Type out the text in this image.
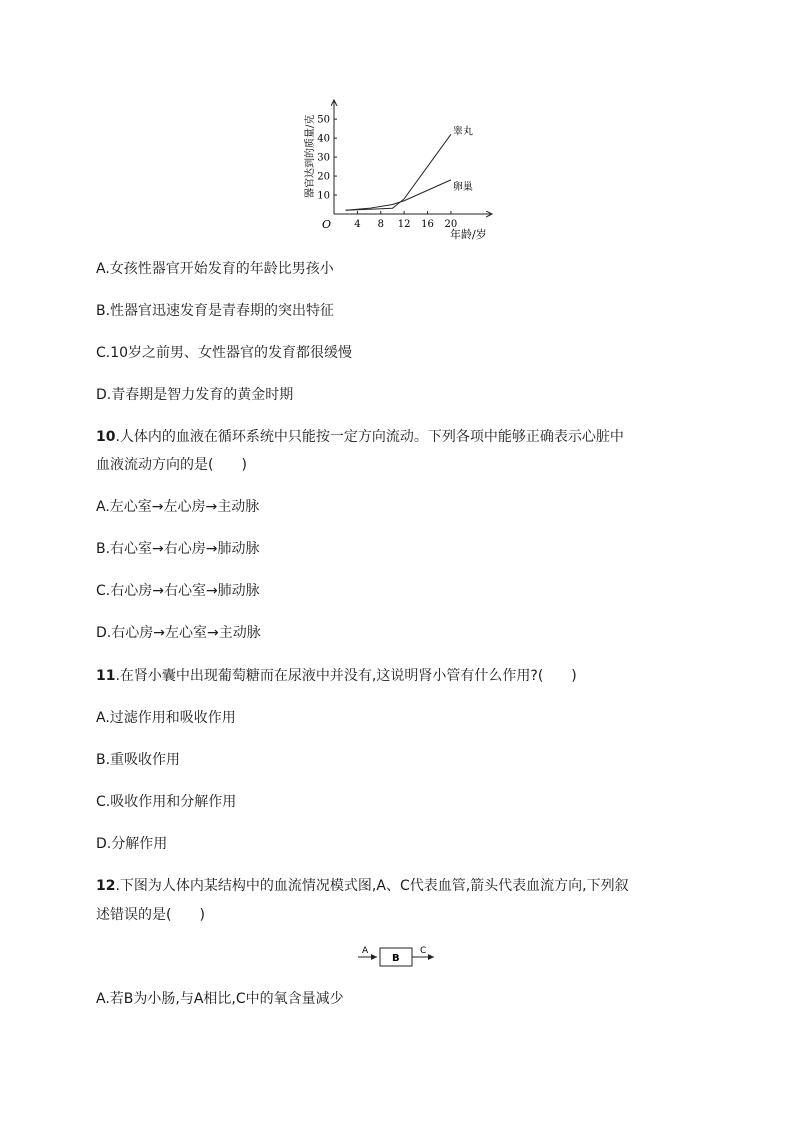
器官达到的质量/克
年龄/岁
O 4 8 12 16 20
10
20
30
40
50
睾丸
卵巢
A.女孩性器官开始发育的年龄比男孩小
B.性器官迅速发育是青春期的突出特征
C.10岁之前男、女性器官的发育都很缓慢
D.青春期是智力发育的黄金时期
10.人体内的血液在循环系统中只能按一定方向流动。下列各项中能够正确表示心脏中
血液流动方向的是(　　)
A.左心室→左心房→主动脉
B.右心室→右心房→肺动脉
C.右心房→右心室→肺动脉
D.右心房→左心室→主动脉
11.在肾小囊中出现葡萄糖而在尿液中并没有,这说明肾小管有什么作用?(　　)
A.过滤作用和吸收作用
B.重吸收作用
C.吸收作用和分解作用
D.分解作用
12.下图为人体内某结构中的血流情况模式图,A、C代表血管,箭头代表血流方向,下列叙
述错误的是(　　)
A
B
C
A.若B为小肠,与A相比,C中的氧含量减少
